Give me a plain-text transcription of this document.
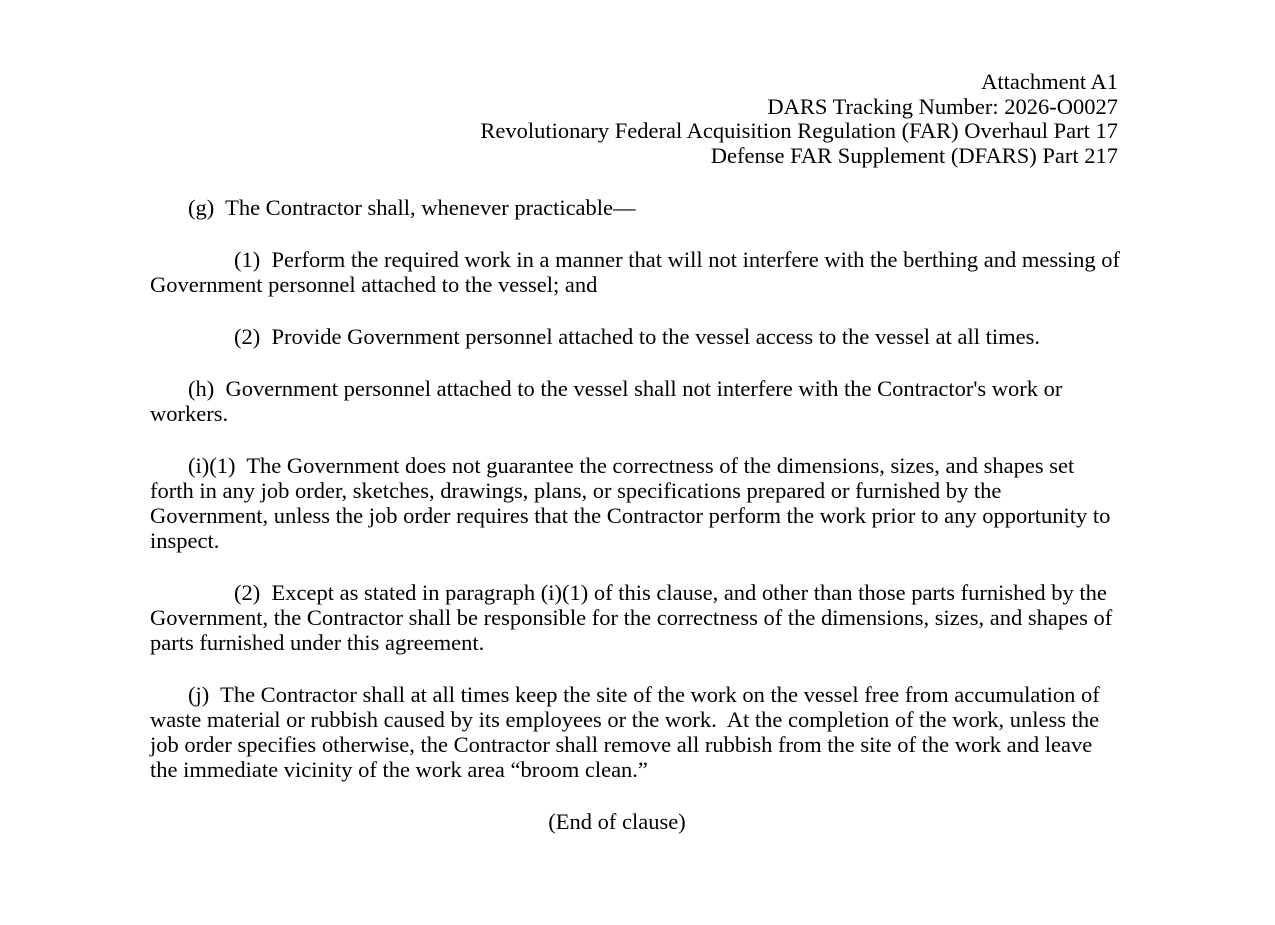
Attachment A1
DARS Tracking Number: 2026-O0027
Revolutionary Federal Acquisition Regulation (FAR) Overhaul Part 17
Defense FAR Supplement (DFARS) Part 217

(g)  The Contractor shall, whenever practicable—

(1)  Perform the required work in a manner that will not interfere with the berthing and messing of Government personnel attached to the vessel; and

(2)  Provide Government personnel attached to the vessel access to the vessel at all times.

(h)  Government personnel attached to the vessel shall not interfere with the Contractor's work or workers.

(i)(1)  The Government does not guarantee the correctness of the dimensions, sizes, and shapes set forth in any job order, sketches, drawings, plans, or specifications prepared or furnished by the Government, unless the job order requires that the Contractor perform the work prior to any opportunity to inspect.

(2)  Except as stated in paragraph (i)(1) of this clause, and other than those parts furnished by the Government, the Contractor shall be responsible for the correctness of the dimensions, sizes, and shapes of parts furnished under this agreement.

(j)  The Contractor shall at all times keep the site of the work on the vessel free from accumulation of waste material or rubbish caused by its employees or the work.  At the completion of the work, unless the job order specifies otherwise, the Contractor shall remove all rubbish from the site of the work and leave the immediate vicinity of the work area “broom clean.”

(End of clause)
